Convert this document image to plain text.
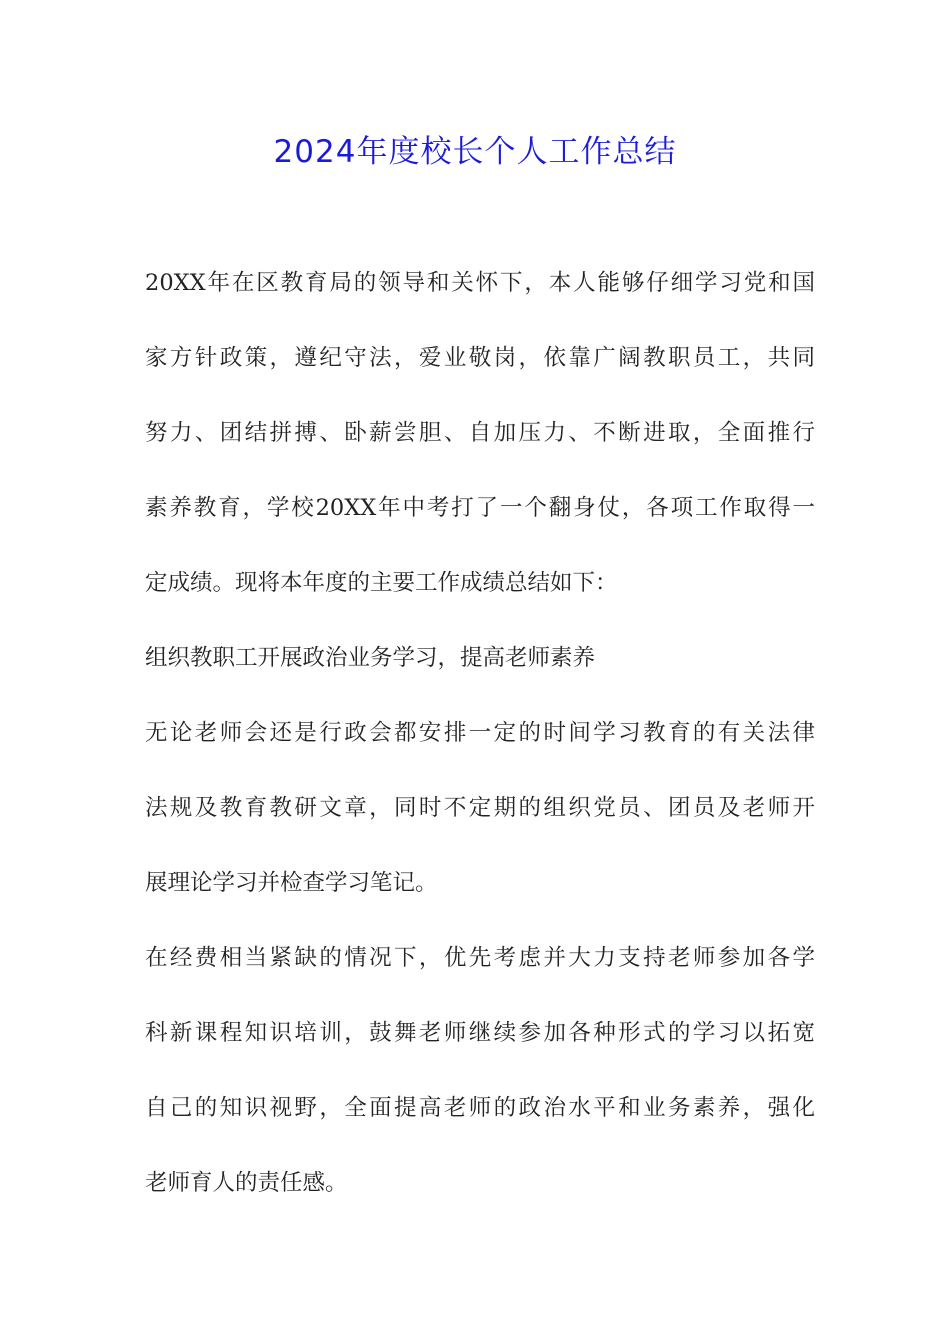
2024年度校长个人工作总结
20XX年在区教育局的领导和关怀下，本人能够仔细学习党和国
家方针政策，遵纪守法，爱业敬岗，依靠广阔教职员工，共同
努力、团结拼搏、卧薪尝胆、自加压力、不断进取，全面推行
素养教育，学校20XX年中考打了一个翻身仗，各项工作取得一
定成绩。现将本年度的主要工作成绩总结如下：
组织教职工开展政治业务学习，提高老师素养
无论老师会还是行政会都安排一定的时间学习教育的有关法律
法规及教育教研文章，同时不定期的组织党员、团员及老师开
展理论学习并检查学习笔记。
在经费相当紧缺的情况下，优先考虑并大力支持老师参加各学
科新课程知识培训，鼓舞老师继续参加各种形式的学习以拓宽
自己的知识视野，全面提高老师的政治水平和业务素养，强化
老师育人的责任感。
